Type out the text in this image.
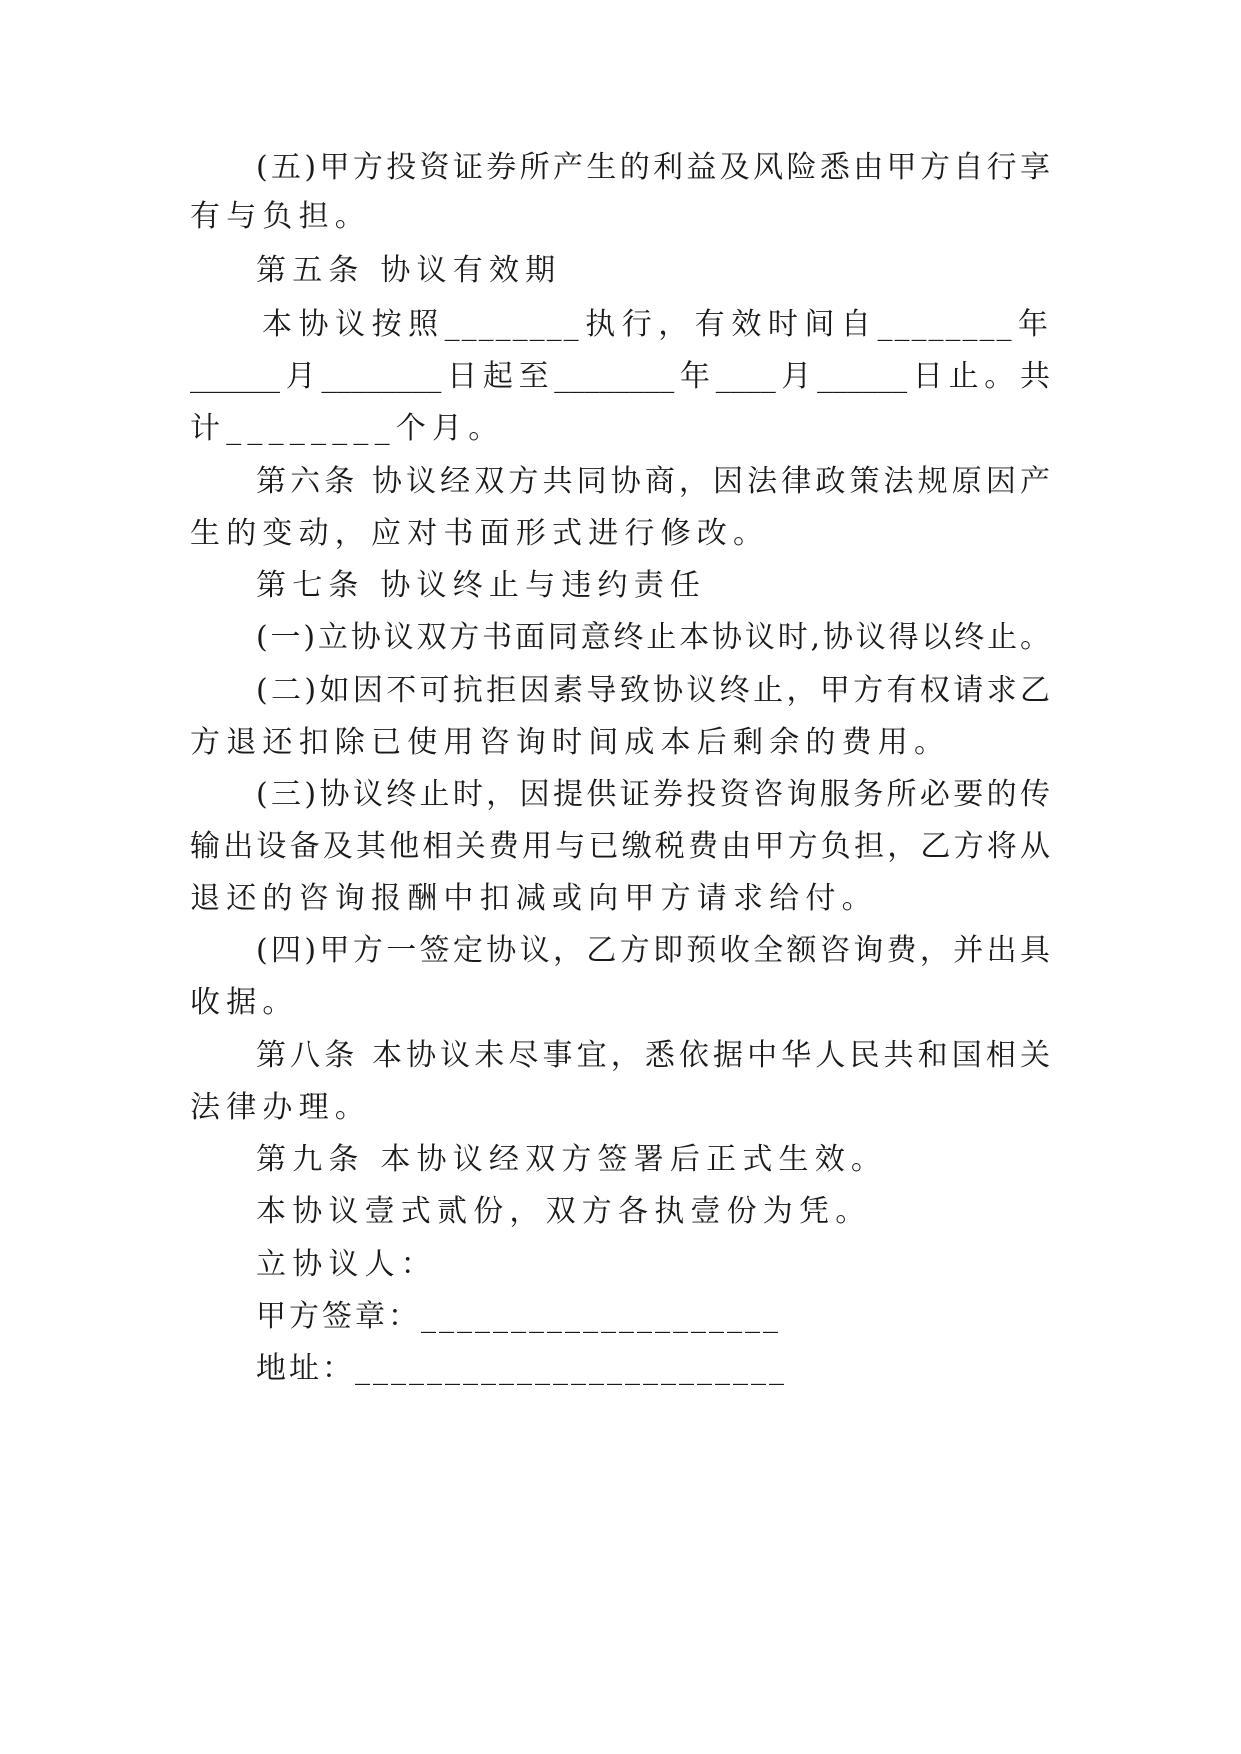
(五)甲方投资证券所产生的利益及风险悉由甲方自行享
有与负担。
第五条 协议有效期
本协议按照________执行，有效时间自________年
______月________日起至________年____月______日止。共
计________个月。
第六条 协议经双方共同协商，因法律政策法规原因产
生的变动，应对书面形式进行修改。
第七条 协议终止与违约责任
(一)立协议双方书面同意终止本协议时,协议得以终止。
(二)如因不可抗拒因素导致协议终止，甲方有权请求乙
方退还扣除已使用咨询时间成本后剩余的费用。
(三)协议终止时，因提供证券投资咨询服务所必要的传
输出设备及其他相关费用与已缴税费由甲方负担，乙方将从
退还的咨询报酬中扣减或向甲方请求给付。
(四)甲方一签定协议，乙方即预收全额咨询费，并出具
收据。
第八条 本协议未尽事宜，悉依据中华人民共和国相关
法律办理。
第九条 本协议经双方签署后正式生效。
本协议壹式贰份，双方各执壹份为凭。
立协议人：
甲方签章：____________________
地址：________________________
